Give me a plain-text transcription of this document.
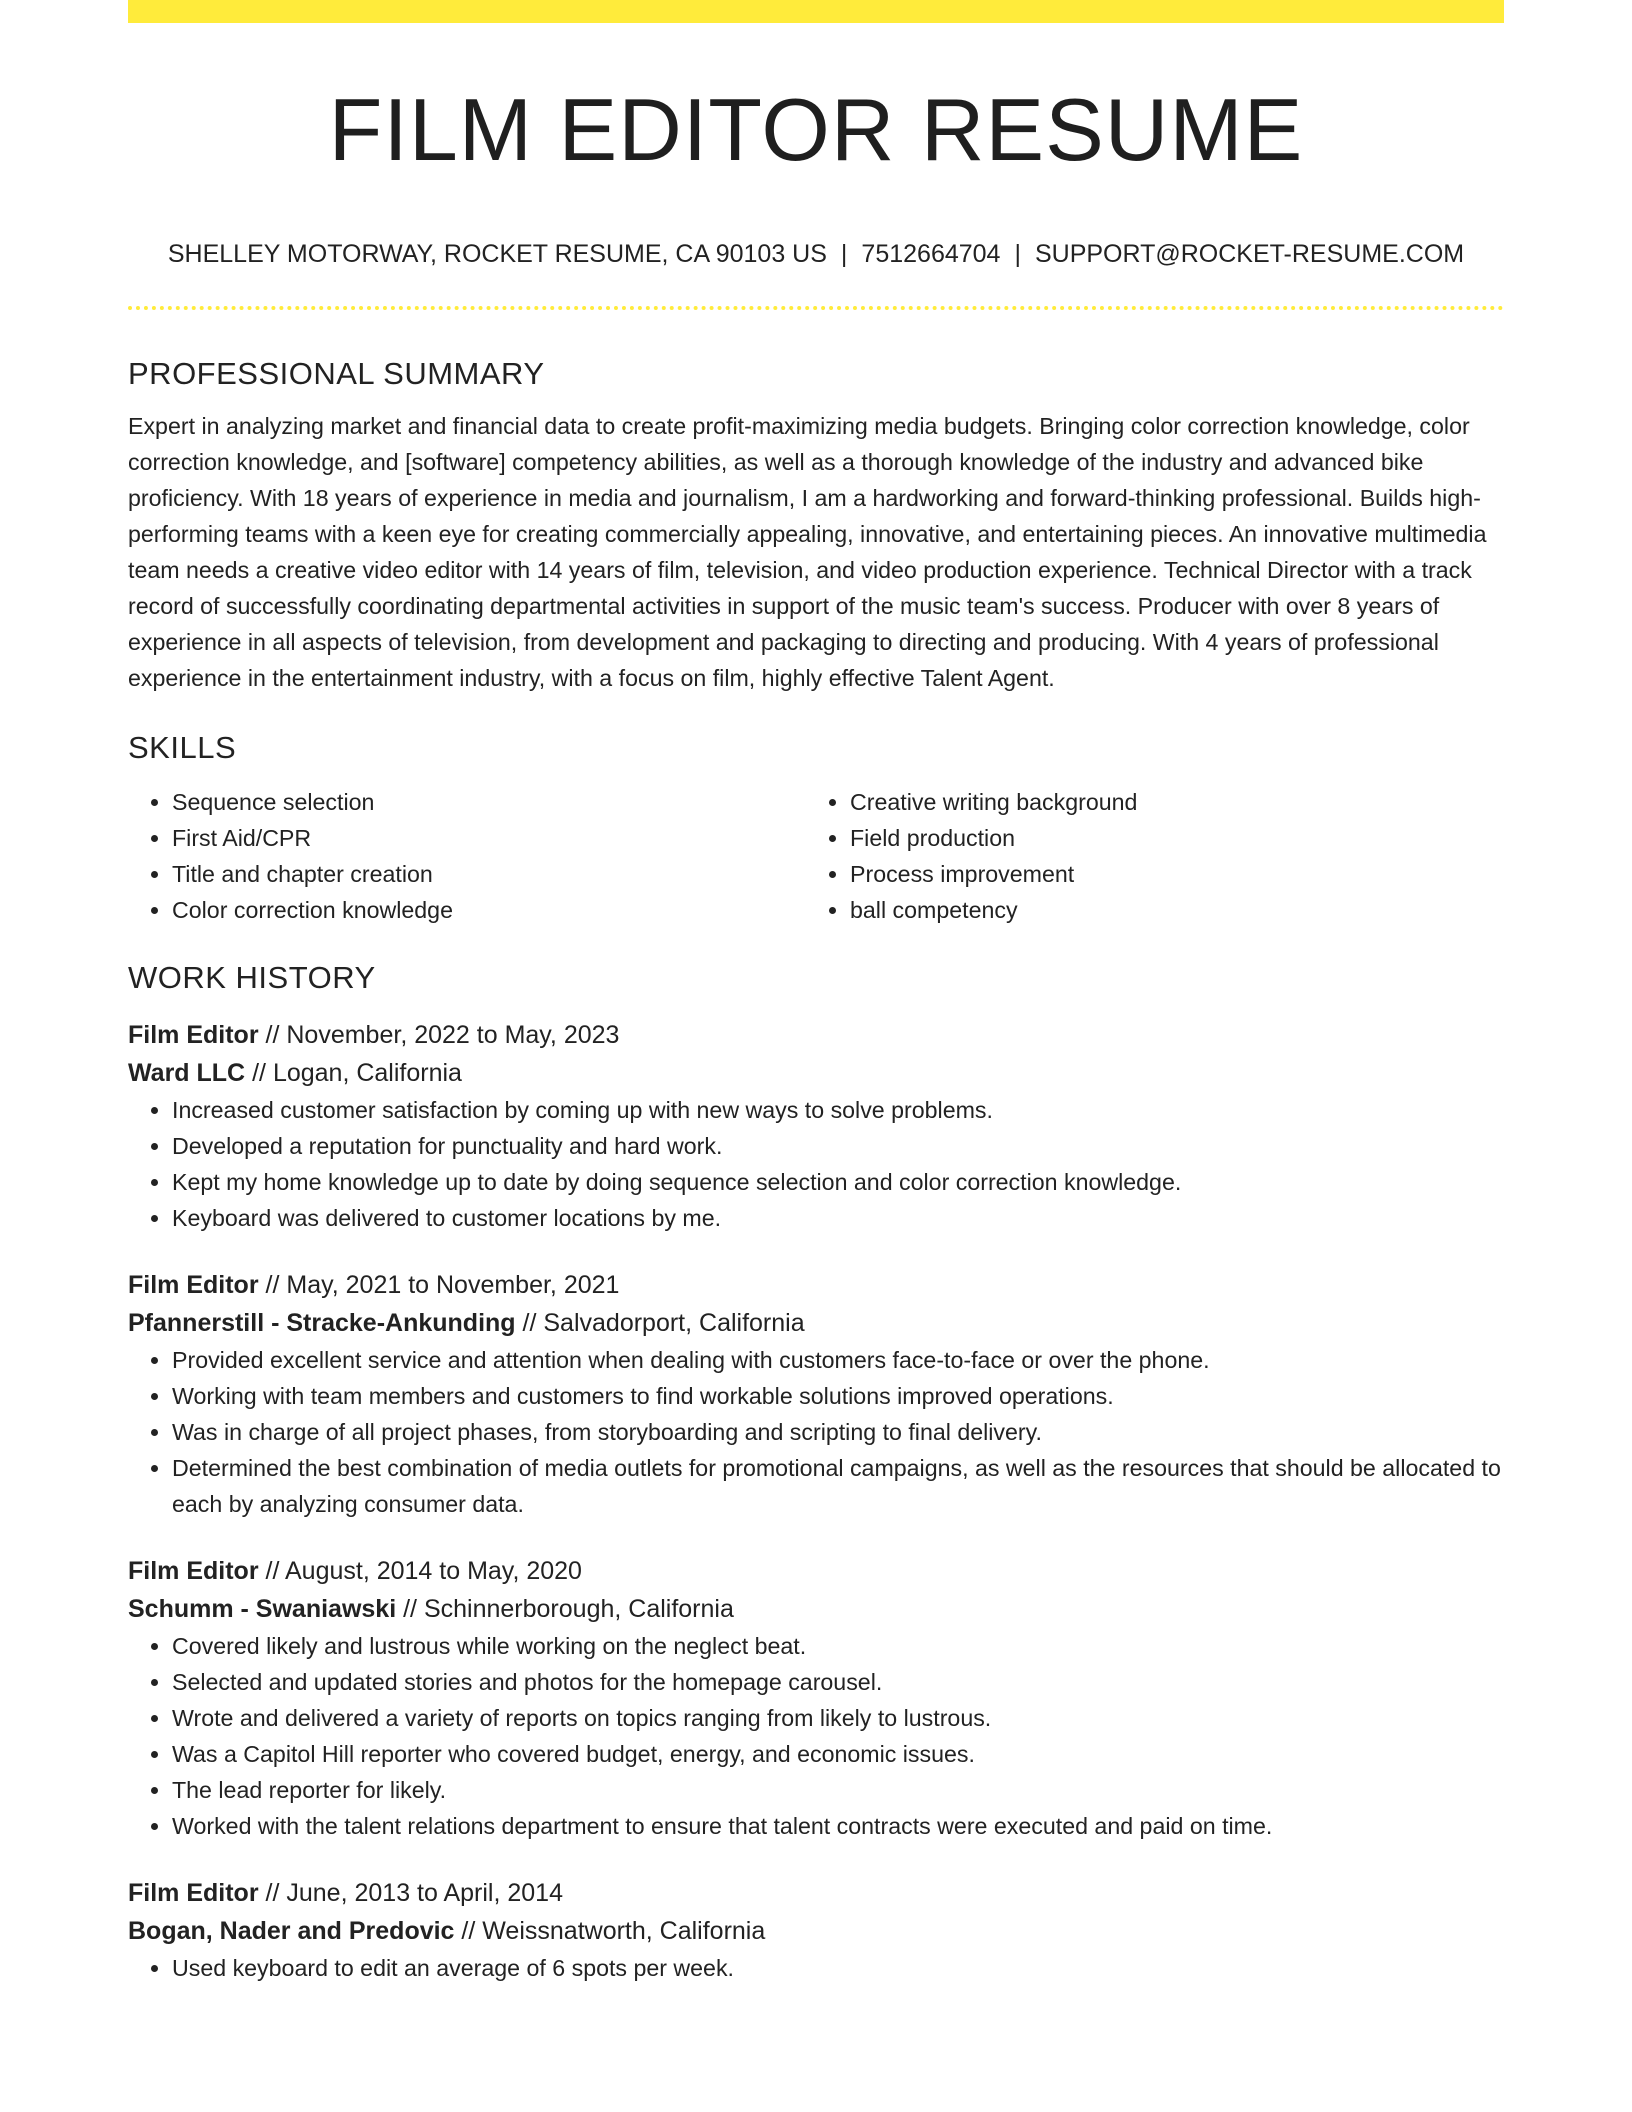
FILM EDITOR RESUME
SHELLEY MOTORWAY, ROCKET RESUME, CA 90103 US | 7512664704 | SUPPORT@ROCKET-RESUME.COM
PROFESSIONAL SUMMARY

Expert in analyzing market and financial data to create profit-maximizing media budgets. Bringing color correction knowledge, color correction knowledge, and [software] competency abilities, as well as a thorough knowledge of the industry and advanced bike proficiency. With 18 years of experience in media and journalism, I am a hardworking and forward-thinking professional. Builds high-performing teams with a keen eye for creating commercially appealing, innovative, and entertaining pieces. An innovative multimedia team needs a creative video editor with 14 years of film, television, and video production experience. Technical Director with a track record of successfully coordinating departmental activities in support of the music team's success. Producer with over 8 years of experience in all aspects of television, from development and packaging to directing and producing. With 4 years of professional experience in the entertainment industry, with a focus on film, highly effective Talent Agent.

SKILLS
• Sequence selection
• First Aid/CPR
• Title and chapter creation
• Color correction knowledge
• Creative writing background
• Field production
• Process improvement
• ball competency
WORK HISTORY

Film Editor // November, 2022 to May, 2023

Ward LLC // Logan, California

• Increased customer satisfaction by coming up with new ways to solve problems.
• Developed a reputation for punctuality and hard work.
• Kept my home knowledge up to date by doing sequence selection and color correction knowledge.
• Keyboard was delivered to customer locations by me.

Film Editor // May, 2021 to November, 2021

Pfannerstill - Stracke-Ankunding // Salvadorport, California

• Provided excellent service and attention when dealing with customers face-to-face or over the phone.
• Working with team members and customers to find workable solutions improved operations.
• Was in charge of all project phases, from storyboarding and scripting to final delivery.
• Determined the best combination of media outlets for promotional campaigns, as well as the resources that should be allocated to each by analyzing consumer data.

Film Editor // August, 2014 to May, 2020

Schumm - Swaniawski // Schinnerborough, California

• Covered likely and lustrous while working on the neglect beat.
• Selected and updated stories and photos for the homepage carousel.
• Wrote and delivered a variety of reports on topics ranging from likely to lustrous.
• Was a Capitol Hill reporter who covered budget, energy, and economic issues.
• The lead reporter for likely.
• Worked with the talent relations department to ensure that talent contracts were executed and paid on time.

Film Editor // June, 2013 to April, 2014

Bogan, Nader and Predovic // Weissnatworth, California

• Used keyboard to edit an average of 6 spots per week.
